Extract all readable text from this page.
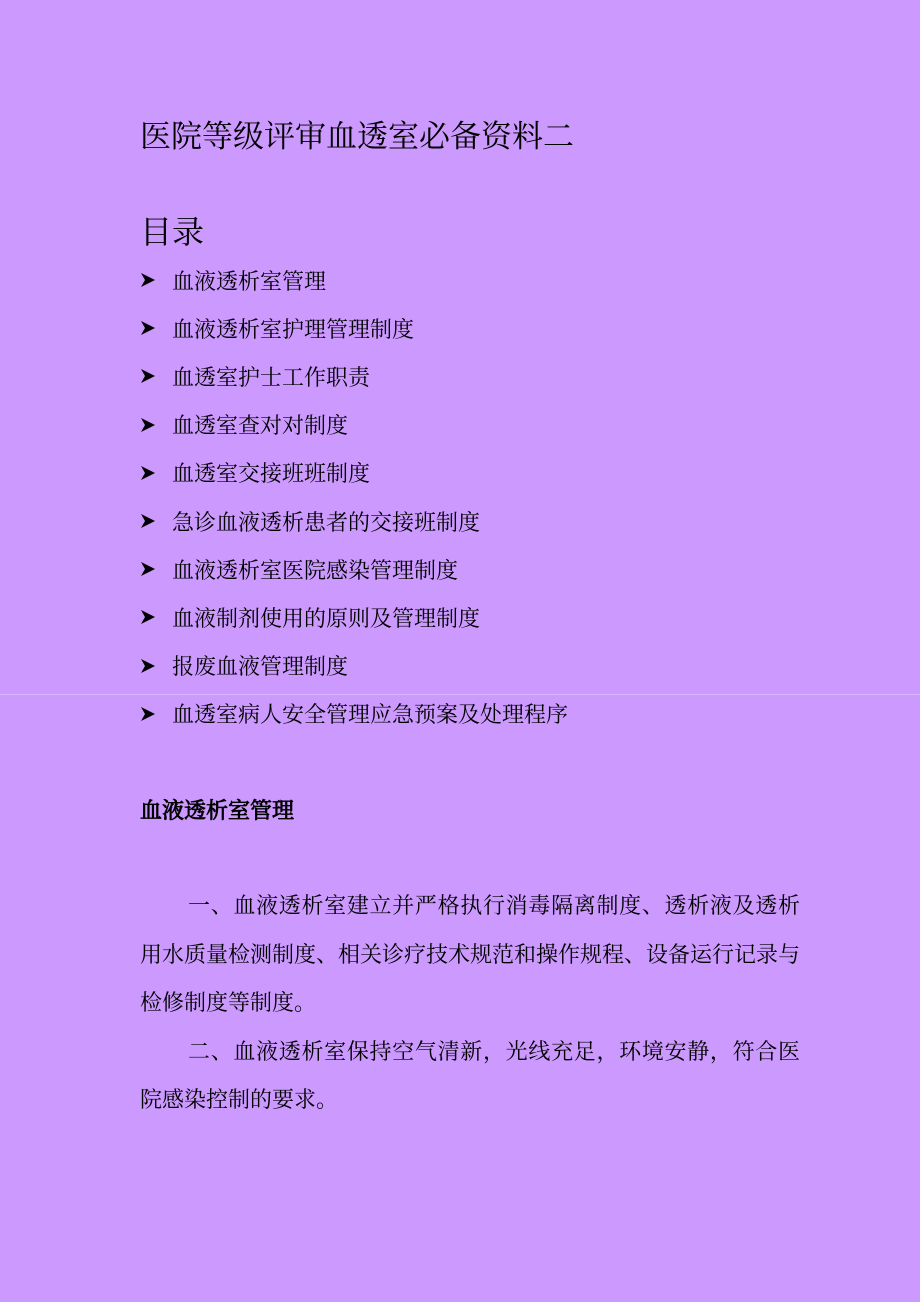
医院等级评审血透室必备资料二
目录
血液透析室管理
血液透析室护理管理制度
血透室护士工作职责
血透室查对对制度
血透室交接班班制度
急诊血液透析患者的交接班制度
血液透析室医院感染管理制度
血液制剂使用的原则及管理制度
报废血液管理制度
血透室病人安全管理应急预案及处理程序
血液透析室管理

一、血液透析室建立并严格执行消毒隔离制度、透析液及透析用水质量检测制度、相关诊疗技术规范和操作规程、设备运行记录与检修制度等制度。

二、血液透析室保持空气清新，光线充足，环境安静，符合医院感染控制的要求。
